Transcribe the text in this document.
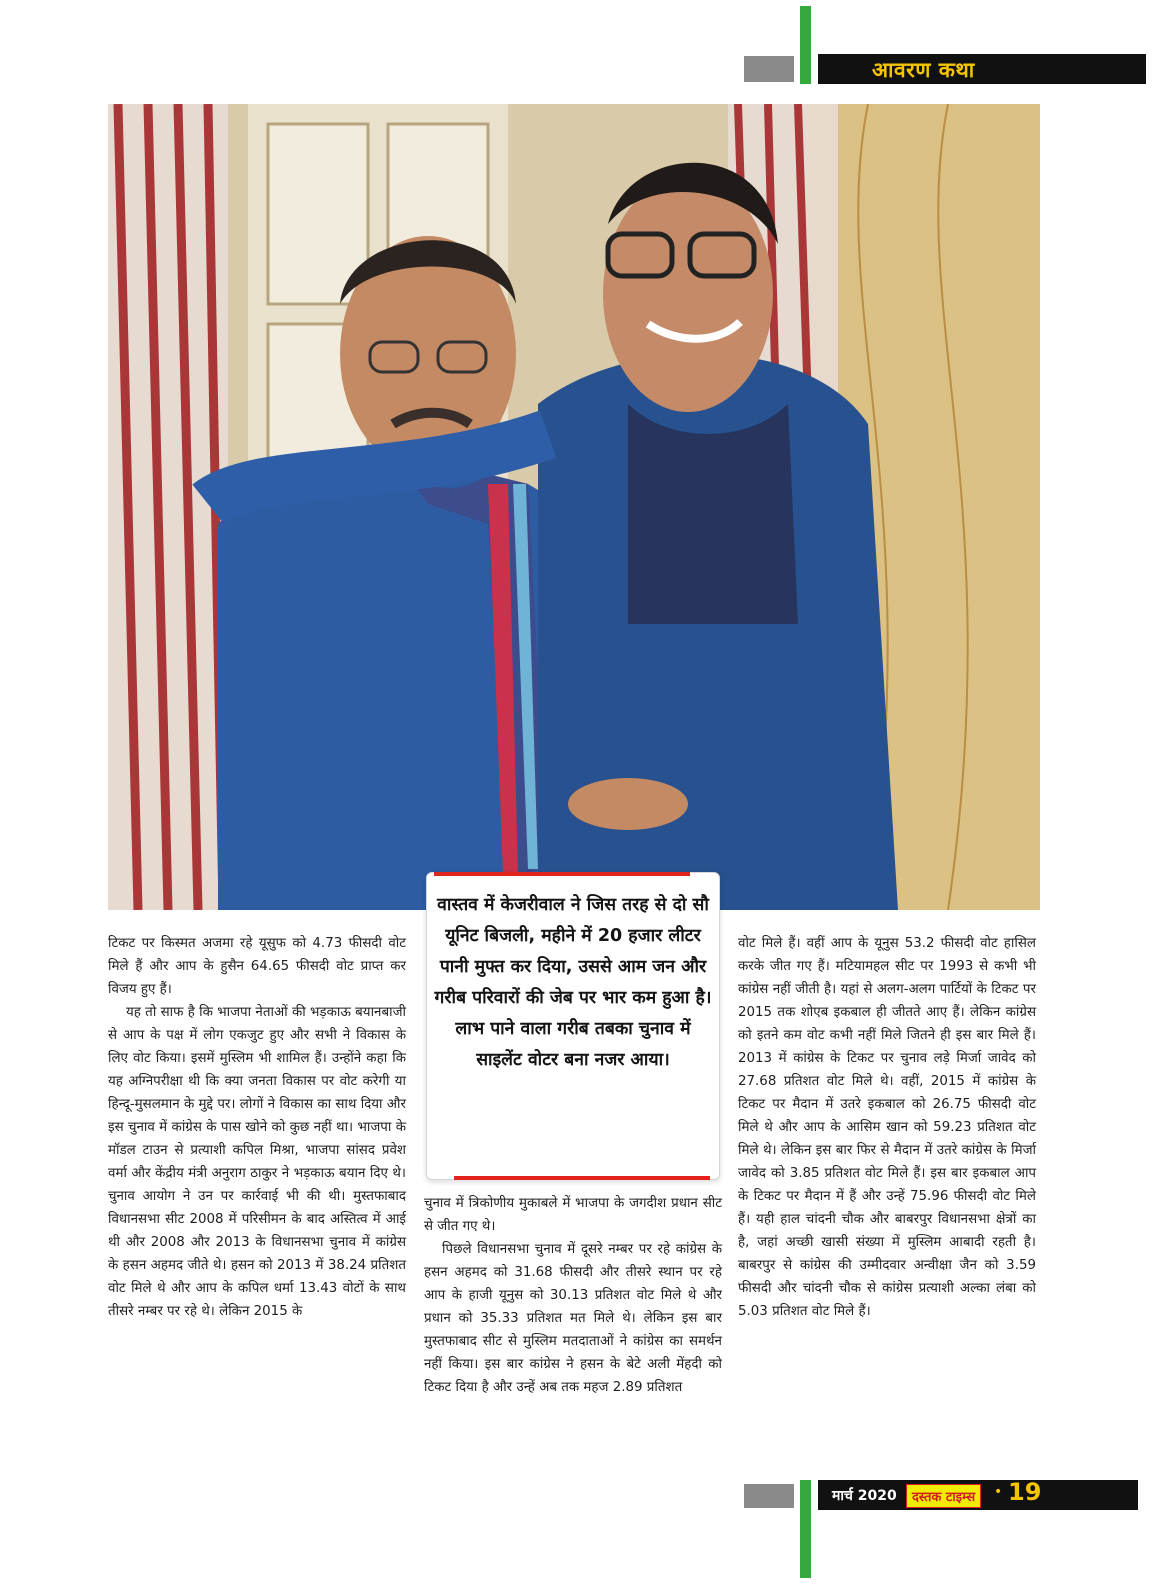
आवरण कथा
वास्तव में केजरीवाल ने जिस तरह से दो सौ यूनिट बिजली, महीने में 20 हजार लीटर पानी मुफ्त कर दिया, उससे आम जन और गरीब परिवारों की जेब पर भार कम हुआ है। लाभ पाने वाला गरीब तबका चुनाव में साइलेंट वोटर बना नजर आया।

टिकट पर किस्मत अजमा रहे यूसुफ को 4.73 फीसदी वोट मिले हैं और आप के हुसैन 64.65 फीसदी वोट प्राप्त कर विजय हुए हैं।

यह तो साफ है कि भाजपा नेताओं की भड़काऊ बयानबाजी से आप के पक्ष में लोग एकजुट हुए और सभी ने विकास के लिए वोट किया। इसमें मुस्लिम भी शामिल हैं। उन्होंने कहा कि यह अग्निपरीक्षा थी कि क्या जनता विकास पर वोट करेगी या हिन्दू-मुसलमान के मुद्दे पर। लोगों ने विकास का साथ दिया और इस चुनाव में कांग्रेस के पास खोने को कुछ नहीं था। भाजपा के मॉडल टाउन से प्रत्याशी कपिल मिश्रा, भाजपा सांसद प्रवेश वर्मा और केंद्रीय मंत्री अनुराग ठाकुर ने भड़काऊ बयान दिए थे। चुनाव आयोग ने उन पर कार्रवाई भी की थी। मुस्तफाबाद विधानसभा सीट 2008 में परिसीमन के बाद अस्तित्व में आई थी और 2008 और 2013 के विधानसभा चुनाव में कांग्रेस के हसन अहमद जीते थे। हसन को 2013 में 38.24 प्रतिशत वोट मिले थे और आप के कपिल धर्मा 13.43 वोटों के साथ तीसरे नम्बर पर रहे थे। लेकिन 2015 के

चुनाव में त्रिकोणीय मुकाबले में भाजपा के जगदीश प्रधान सीट से जीत गए थे।

पिछले विधानसभा चुनाव में दूसरे नम्बर पर रहे कांग्रेस के हसन अहमद को 31.68 फीसदी और तीसरे स्थान पर रहे आप के हाजी यूनुस को 30.13 प्रतिशत वोट मिले थे और प्रधान को 35.33 प्रतिशत मत मिले थे। लेकिन इस बार मुस्तफाबाद सीट से मुस्लिम मतदाताओं ने कांग्रेस का समर्थन नहीं किया। इस बार कांग्रेस ने हसन के बेटे अली मेंहदी को टिकट दिया है और उन्हें अब तक महज 2.89 प्रतिशत

वोट मिले हैं। वहीं आप के यूनुस 53.2 फीसदी वोट हासिल करके जीत गए हैं। मटियामहल सीट पर 1993 से कभी भी कांग्रेस नहीं जीती है। यहां से अलग-अलग पार्टियों के टिकट पर 2015 तक शोएब इकबाल ही जीतते आए हैं। लेकिन कांग्रेस को इतने कम वोट कभी नहीं मिले जितने ही इस बार मिले हैं। 2013 में कांग्रेस के टिकट पर चुनाव लड़े मिर्जा जावेद को 27.68 प्रतिशत वोट मिले थे। वहीं, 2015 में कांग्रेस के टिकट पर मैदान में उतरे इकबाल को 26.75 फीसदी वोट मिले थे और आप के आसिम खान को 59.23 प्रतिशत वोट मिले थे। लेकिन इस बार फिर से मैदान में उतरे कांग्रेस के मिर्जा जावेद को 3.85 प्रतिशत वोट मिले हैं। इस बार इकबाल आप के टिकट पर मैदान में हैं और उन्हें 75.96 फीसदी वोट मिले हैं। यही हाल चांदनी चौक और बाबरपुर विधानसभा क्षेत्रों का है, जहां अच्छी खासी संख्या में मुस्लिम आबादी रहती है। बाबरपुर से कांग्रेस की उम्मीदवार अन्वीक्षा जैन को 3.59 फीसदी और चांदनी चौक से कांग्रेस प्रत्याशी अल्का लंबा को 5.03 प्रतिशत वोट मिले हैं।

मार्च 2020	दस्तक टाइम्स	• 19
